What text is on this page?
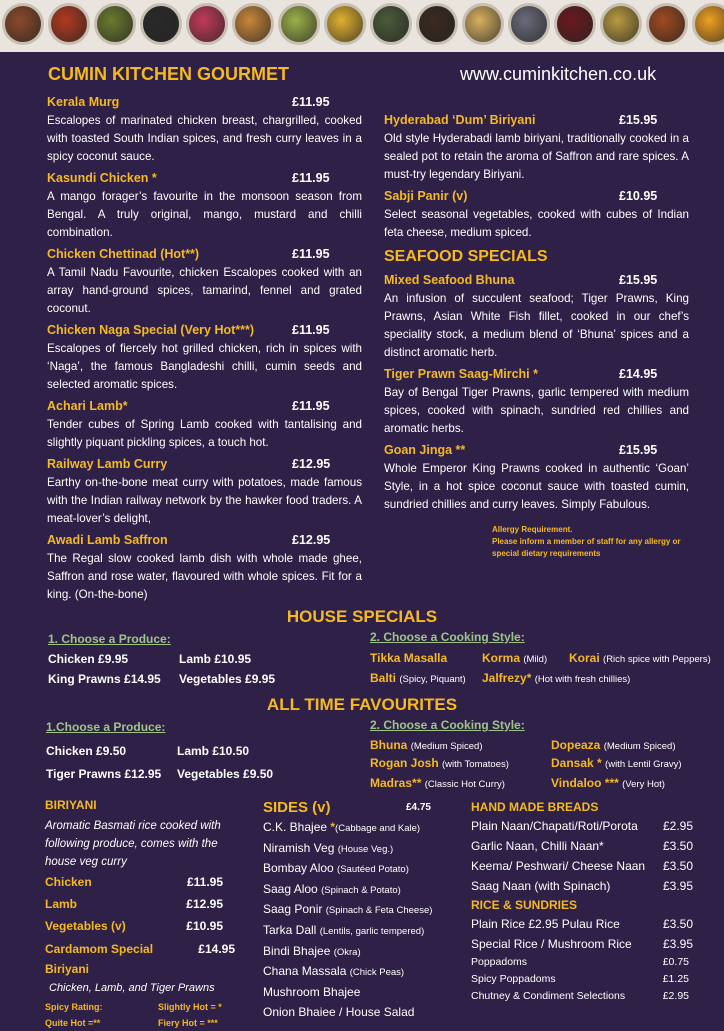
CUMIN KITCHEN GOURMET	www.cuminkitchen.co.uk
Kerala Murg	£11.95
Escalopes of marinated chicken breast, chargrilled, cooked with toasted South Indian spices, and fresh curry leaves in a spicy coconut sauce.
Kasundi Chicken *	£11.95
A mango forager’s favourite in the monsoon season from Bengal. A truly original, mango, mustard and chilli combination.
Chicken Chettinad (Hot**)	£11.95
A Tamil Nadu Favourite, chicken Escalopes cooked with an array hand-ground spices, tamarind, fennel and grated coconut.
Chicken Naga Special (Very Hot***)	£11.95
Escalopes of fiercely hot grilled chicken, rich in spices with ‘Naga’, the famous Bangladeshi chilli, cumin seeds and selected aromatic spices.
Achari Lamb*	£11.95
Tender cubes of Spring Lamb cooked with tantalising and slightly piquant pickling spices, a touch hot.
Railway Lamb Curry	£12.95
Earthy on-the-bone meat curry with potatoes, made famous with the Indian railway network by the hawker food traders. A meat-lover’s delight,
Awadi Lamb Saffron	£12.95
The Regal slow cooked lamb dish with whole made ghee, Saffron and rose water, flavoured with whole spices. Fit for a king. (On-the-bone)
Hyderabad ‘Dum’ Biriyani	£15.95
Old style Hyderabadi lamb biriyani, traditionally cooked in a sealed pot to retain the aroma of Saffron and rare spices. A must-try legendary Biriyani.
Sabji Panir (v)	£10.95
Select seasonal vegetables, cooked with cubes of Indian feta cheese, medium spiced.
SEAFOOD SPECIALS
Mixed Seafood Bhuna	£15.95
An infusion of succulent seafood; Tiger Prawns, King Prawns, Asian White Fish fillet, cooked in our chef’s speciality stock, a medium blend of ‘Bhuna’ spices and a distinct aromatic herb.
Tiger Prawn Saag-Mirchi *	£14.95
Bay of Bengal Tiger Prawns, garlic tempered with medium spices, cooked with spinach, sundried red chillies and aromatic herbs.
Goan Jinga **	£15.95
Whole Emperor King Prawns cooked in authentic ‘Goan’ Style, in a hot spice coconut sauce with toasted cumin, sundried chillies and curry leaves. Simply Fabulous.
Allergy Requirement.
Please inform a member of staff for any allergy or special dietary requirements
HOUSE SPECIALS
1. Choose a Produce:	2. Choose a Cooking Style:
Chicken £9.95	Lamb £10.95
King Prawns £14.95 Vegetables £9.95
Tikka Masalla	Korma (Mild) Korai (Rich spice with Peppers)
Balti (Spicy, Piquant) Jalfrezy* (Hot with fresh chillies)
ALL TIME FAVOURITES
1.Choose a Produce:	2. Choose a Cooking Style:
Chicken £9.50	Lamb £10.50
Tiger Prawns £12.95 Vegetables £9.50
Bhuna (Medium Spiced)	Dopeaza (Medium Spiced)
Rogan Josh (with Tomatoes)	Dansak * (with Lentil Gravy)
Madras** (Classic Hot Curry)	Vindaloo *** (Very Hot)
BIRIYANI
Aromatic Basmati rice cooked with following produce, comes with the house veg curry
Chicken	£11.95
Lamb	£12.95
Vegetables (v)	£10.95
Cardamom Special Biriyani
£14.95
Chicken, Lamb, and Tiger Prawns
Spicy Rating:	Slightly Hot = *
Quite Hot =**	Fiery Hot = ***
SIDES (v)	£4.75
C.K. Bhajee *(Cabbage and Kale)
Niramish Veg (House Veg.)
Bombay Aloo (Sautéed Potato)
Saag Aloo (Spinach & Potato)
Saag Ponir (Spinach & Feta Cheese)
Tarka Dall (Lentils, garlic tempered)
Bindi Bhajee (Okra)
Chana Massala (Chick Peas)
Mushroom Bhajee
Onion Bhaiee / House Salad
HAND MADE BREADS
Plain Naan/Chapati/Roti/Porota £2.95
Garlic Naan, Chilli Naan*	£3.50
Keema/ Peshwari/ Cheese Naan £3.50
Saag Naan (with Spinach)	£3.95
RICE & SUNDRIES
Plain Rice £2.95 Pulau Rice	£3.50
Special Rice / Mushroom Rice	£3.95
Poppadoms	£0.75
Spicy Poppadoms	£1.25
Chutney & Condiment Selections	£2.95
